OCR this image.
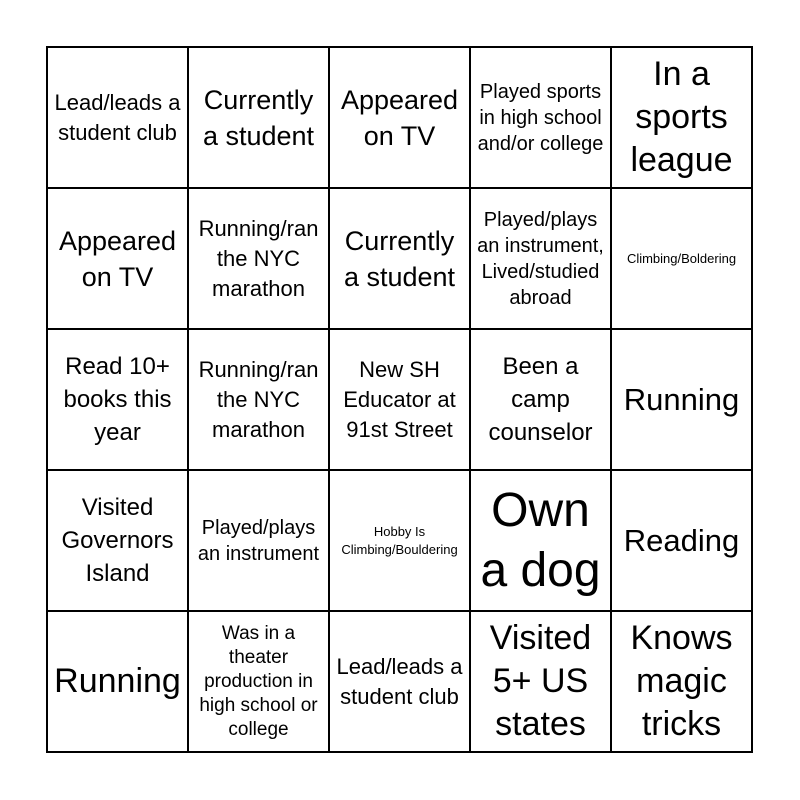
Lead/leads a student club
Currently a student
Appeared on TV
Played sports in high school and/or college
In a sports league
Appeared on TV
Running/ran the NYC marathon
Currently a student
Played/plays an instrument, Lived/studied abroad
Climbing/Boldering
Read 10+ books this year
Running/ran the NYC marathon
New SH Educator at 91st Street
Been a camp counselor
Running
Visited Governors Island
Played/plays an instrument
Hobby Is Climbing/Bouldering
Own a dog
Reading
Running
Was in a theater production in high school or college
Lead/leads a student club
Visited 5+ US states
Knows magic tricks
